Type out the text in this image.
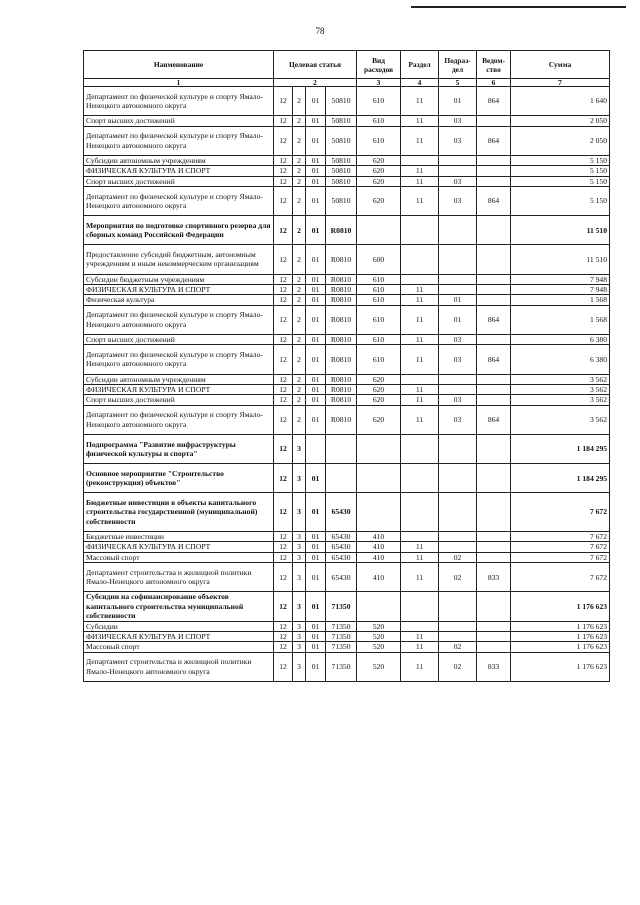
78
Наименование	Целевая статья				Вид расходов	Раздел	Подраз-дел	Ведом-ство	Сумма
1	2				3	4	5	6	7
Департамент по физической культуре и спорту Ямало-Ненецкого автономного округа	12	2	01	50810	610	11	01	864	1 640
Спорт высших достижений	12	2	01	50810	610	11	03		2 050
Департамент по физической культуре и спорту Ямало-Ненецкого автономного округа	12	2	01	50810	610	11	03	864	2 050
Субсидии автономным учреждениям	12	2	01	50810	620				5 150
ФИЗИЧЕСКАЯ КУЛЬТУРА И СПОРТ	12	2	01	50810	620	11			5 150
Спорт высших достижений	12	2	01	50810	620	11	03		5 150
Департамент по физической культуре и спорту Ямало-Ненецкого автономного округа	12	2	01	50810	620	11	03	864	5 150
Мероприятия по подготовке спортивного резерва для сборных команд Российской Федерации	12	2	01	R0810					11 510
Предоставление субсидий бюджетным, автономным учреждениям и иным некоммерческим организациям	12	2	01	R0810	600				11 510
Субсидии бюджетным учреждениям	12	2	01	R0810	610				7 948
ФИЗИЧЕСКАЯ КУЛЬТУРА И СПОРТ	12	2	01	R0810	610	11			7 948
Физическая культура	12	2	01	R0810	610	11	01		1 568
Департамент по физической культуре и спорту Ямало-Ненецкого автономного округа	12	2	01	R0810	610	11	01	864	1 568
Спорт высших достижений	12	2	01	R0810	610	11	03		6 380
Департамент по физической культуре и спорту Ямало-Ненецкого автономного округа	12	2	01	R0810	610	11	03	864	6 380
Субсидии автономным учреждениям	12	2	01	R0810	620				3 562
ФИЗИЧЕСКАЯ КУЛЬТУРА И СПОРТ	12	2	01	R0810	620	11			3 562
Спорт высших достижений	12	2	01	R0810	620	11	03		3 562
Департамент по физической культуре и спорту Ямало-Ненецкого автономного округа	12	2	01	R0810	620	11	03	864	3 562
Подпрограмма "Развитие инфраструктуры физической культуры и спорта"	12	3							1 184 295
Основное мероприятие "Строительство (реконструкция) объектов"	12	3	01						1 184 295
Бюджетные инвестиции в объекты капитального строительства государственной (муниципальной) собственности	12	3	01	65430					7 672
Бюджетные инвестиции	12	3	01	65430	410				7 672
ФИЗИЧЕСКАЯ КУЛЬТУРА И СПОРТ	12	3	01	65430	410	11			7 672
Массовый спорт	12	3	01	65430	410	11	02		7 672
Департамент строительства и жилищной политики Ямало-Ненецкого автономного округа	12	3	01	65430	410	11	02	833	7 672
Субсидии на софинансирование объектов капитального строительства муниципальной собственности	12	3	01	71350					1 176 623
Субсидии	12	3	01	71350	520				1 176 623
ФИЗИЧЕСКАЯ КУЛЬТУРА И СПОРТ	12	3	01	71350	520	11			1 176 623
Массовый спорт	12	3	01	71350	520	11	02		1 176 623
Департамент строительства и жилищной политики Ямало-Ненецкого автономного округа	12	3	01	71350	520	11	02	833	1 176 623
